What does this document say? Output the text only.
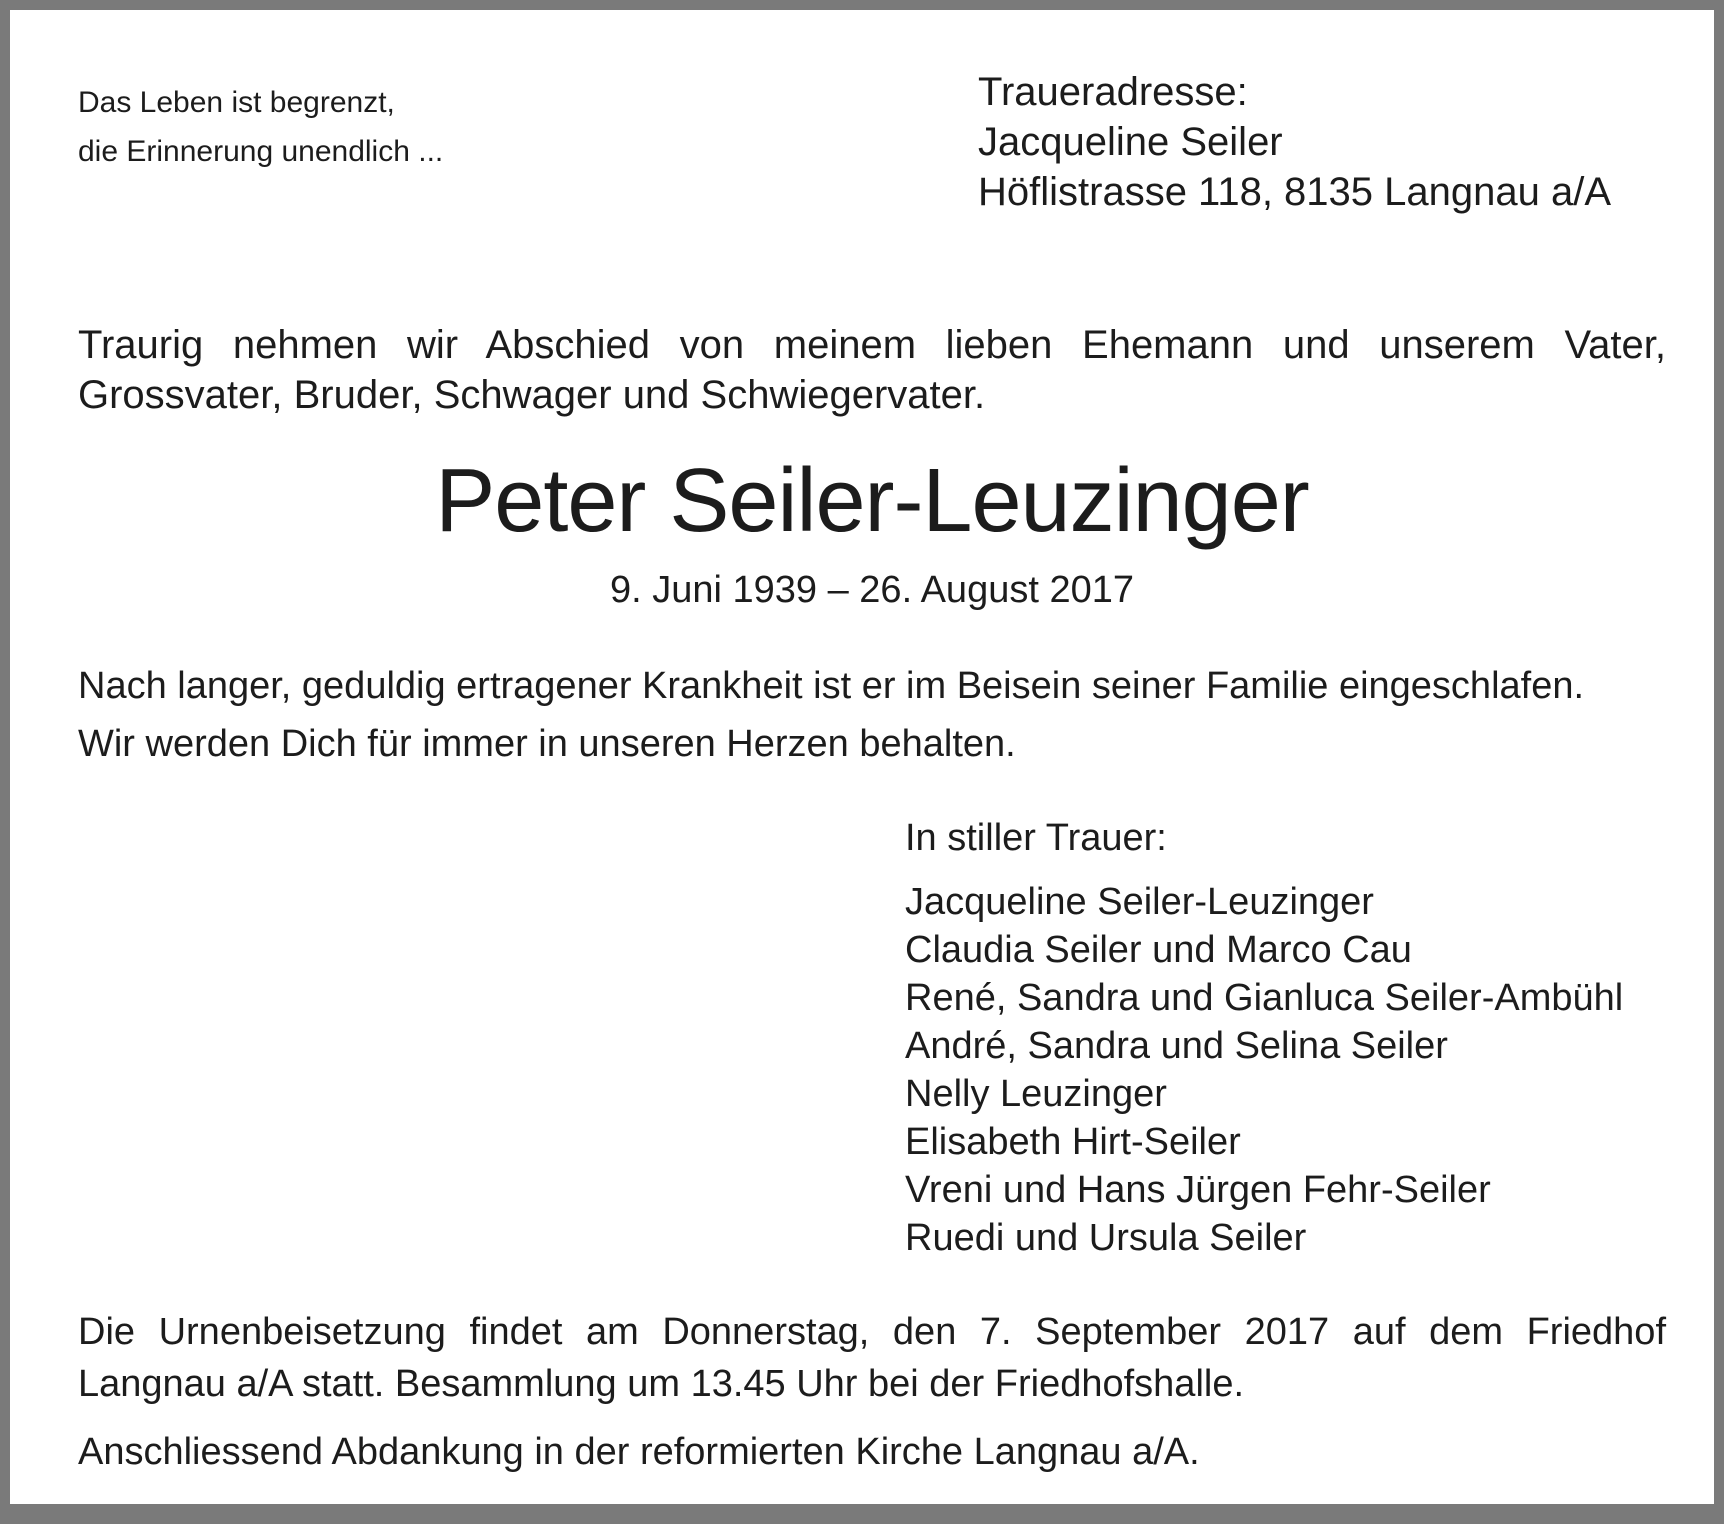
Das Leben ist begrenzt,
die Erinnerung unendlich ...

Traueradresse:
Jacqueline Seiler
Höflistrasse 118, 8135 Langnau a/A

Traurig nehmen wir Abschied von meinem lieben Ehemann und unserem Vater, Grossvater, Bruder, Schwager und Schwiegervater.

Peter Seiler-Leuzinger

9. Juni 1939 – 26. August 2017

Nach langer, geduldig ertragener Krankheit ist er im Beisein seiner Familie eingeschlafen.
Wir werden Dich für immer in unseren Herzen behalten.

In stiller Trauer:
Jacqueline Seiler-Leuzinger
Claudia Seiler und Marco Cau
René, Sandra und Gianluca Seiler-Ambühl
André, Sandra und Selina Seiler
Nelly Leuzinger
Elisabeth Hirt-Seiler
Vreni und Hans Jürgen Fehr-Seiler
Ruedi und Ursula Seiler

Die Urnenbeisetzung findet am Donnerstag, den 7. September 2017 auf dem Friedhof Langnau a/A statt. Besammlung um 13.45 Uhr bei der Friedhofshalle.

Anschliessend Abdankung in der reformierten Kirche Langnau a/A.
